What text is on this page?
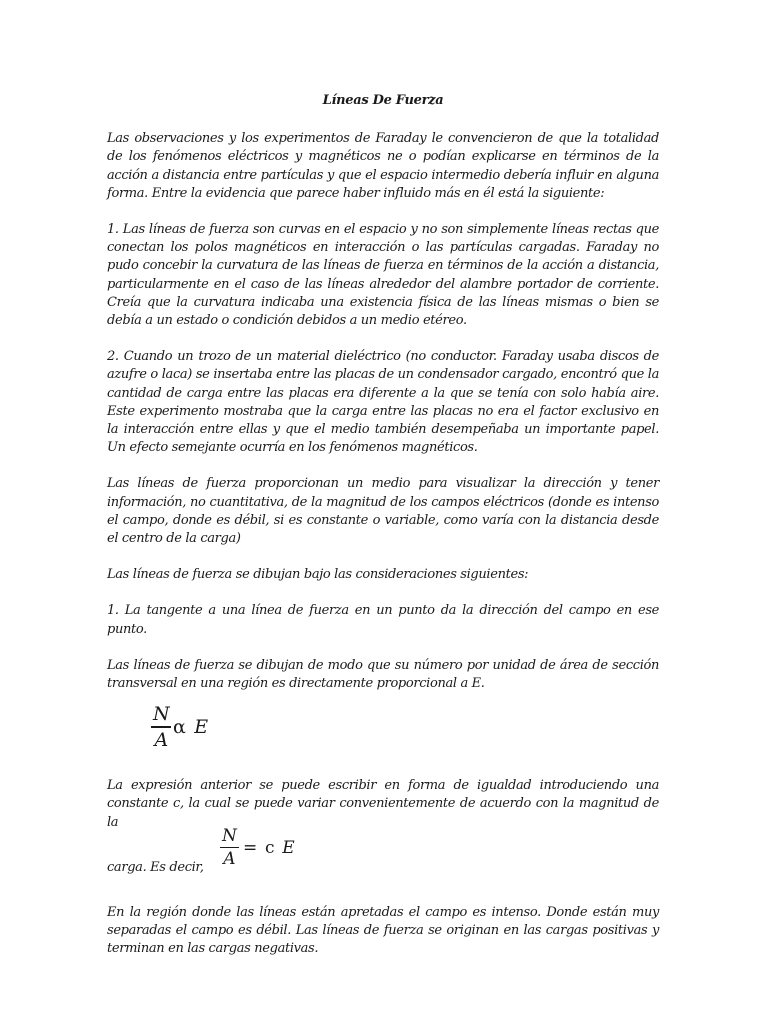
Líneas De Fuerza

Las observaciones y los experimentos de Faraday le convencieron de que la totalidad de los fenómenos eléctricos y magnéticos ne o podían explicarse en términos de la acción a distancia entre partículas y que el espacio intermedio debería influir en alguna forma. Entre la evidencia que parece haber influido más en él está la siguiente:

1. Las líneas de fuerza son curvas en el espacio y no son simplemente líneas rectas que conectan los polos magnéticos en interacción o las partículas cargadas. Faraday no pudo concebir la curvatura de las líneas de fuerza en términos de la acción a distancia, particularmente en el caso de las líneas alrededor del alambre portador de corriente. Creía que la curvatura indicaba una existencia física de las líneas mismas o bien se debía a un estado o condición debidos a un medio etéreo.

2. Cuando un trozo de un material dieléctrico (no conductor. Faraday usaba discos de azufre o laca) se insertaba entre las placas de un condensador cargado, encontró que la cantidad de carga entre las placas era diferente a la que se tenía con solo había aire. Este experimento mostraba que la carga entre las placas no era el factor exclusivo en la interacción entre ellas y que el medio también desempeñaba un importante papel. Un efecto semejante ocurría en los fenómenos magnéticos.

Las líneas de fuerza proporcionan un medio para visualizar la dirección y tener información, no cuantitativa, de la magnitud de los campos eléctricos (donde es intenso el campo, donde es débil, si es constante o variable, como varía con la distancia desde el centro de la carga)

Las líneas de fuerza se dibujan bajo las consideraciones siguientes:

1. La tangente a una línea de fuerza en un punto da la dirección del campo en ese punto.

Las líneas de fuerza se dibujan de modo que su número por unidad de área de sección transversal en una región es directamente proporcional a E.

N
A
α E

La expresión anterior se puede escribir en forma de igualdad introduciendo una constante c, la cual se puede variar convenientemente de acuerdo con la magnitud de la

carga. Es decir,
N
A
= c E

En la región donde las líneas están apretadas el campo es intenso. Donde están muy separadas el campo es débil. Las líneas de fuerza se originan en las cargas positivas y terminan en las cargas negativas.
